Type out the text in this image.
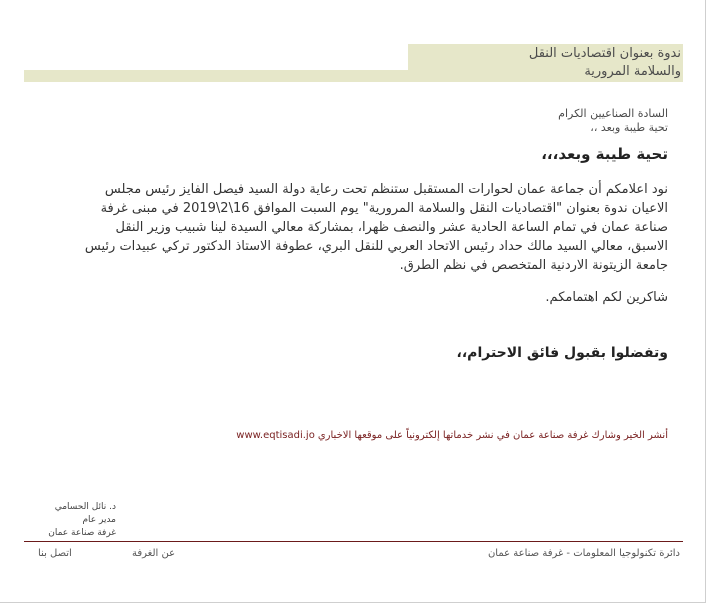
ندوة بعنوان اقتصاديات النقل
والسلامة المرورية
السادة الصناعيين الكرام
تحية طيبة وبعد ،،
تحية طيبة وبعد،،،
نود اعلامكم أن جماعة عمان لحوارات المستقبل ستنظم تحت رعاية دولة السيد فيصل الفايز رئيس مجلس الاعيان ندوة بعنوان "اقتصاديات النقل والسلامة المرورية" يوم السبت الموافق 16\2\2019 في مبنى غرفة صناعة عمان في تمام الساعة الحادية عشر والنصف ظهرا، بمشاركة معالي السيدة لينا شبيب وزير النقل الاسبق، معالي السيد مالك حداد رئيس الاتحاد العربي للنقل البري، عطوفة الاستاذ الدكتور تركي عبيدات رئيس جامعة الزيتونة الاردنية المتخصص في نظم الطرق.
شاكرين لكم اهتمامكم.
وتفضلوا بقبول فائق الاحترام،،
أنشر الخير وشارك غرفة صناعة عمان في نشر خدماتها إلكترونياً على موقعها الاخباري
www.eqtisadi.jo
د. نائل الحسامي
مدير عام
غرفة صناعة عمان
دائرة تكنولوجيا المعلومات - غرفة صناعة عمان
عن الغرفة
اتصل بنا
